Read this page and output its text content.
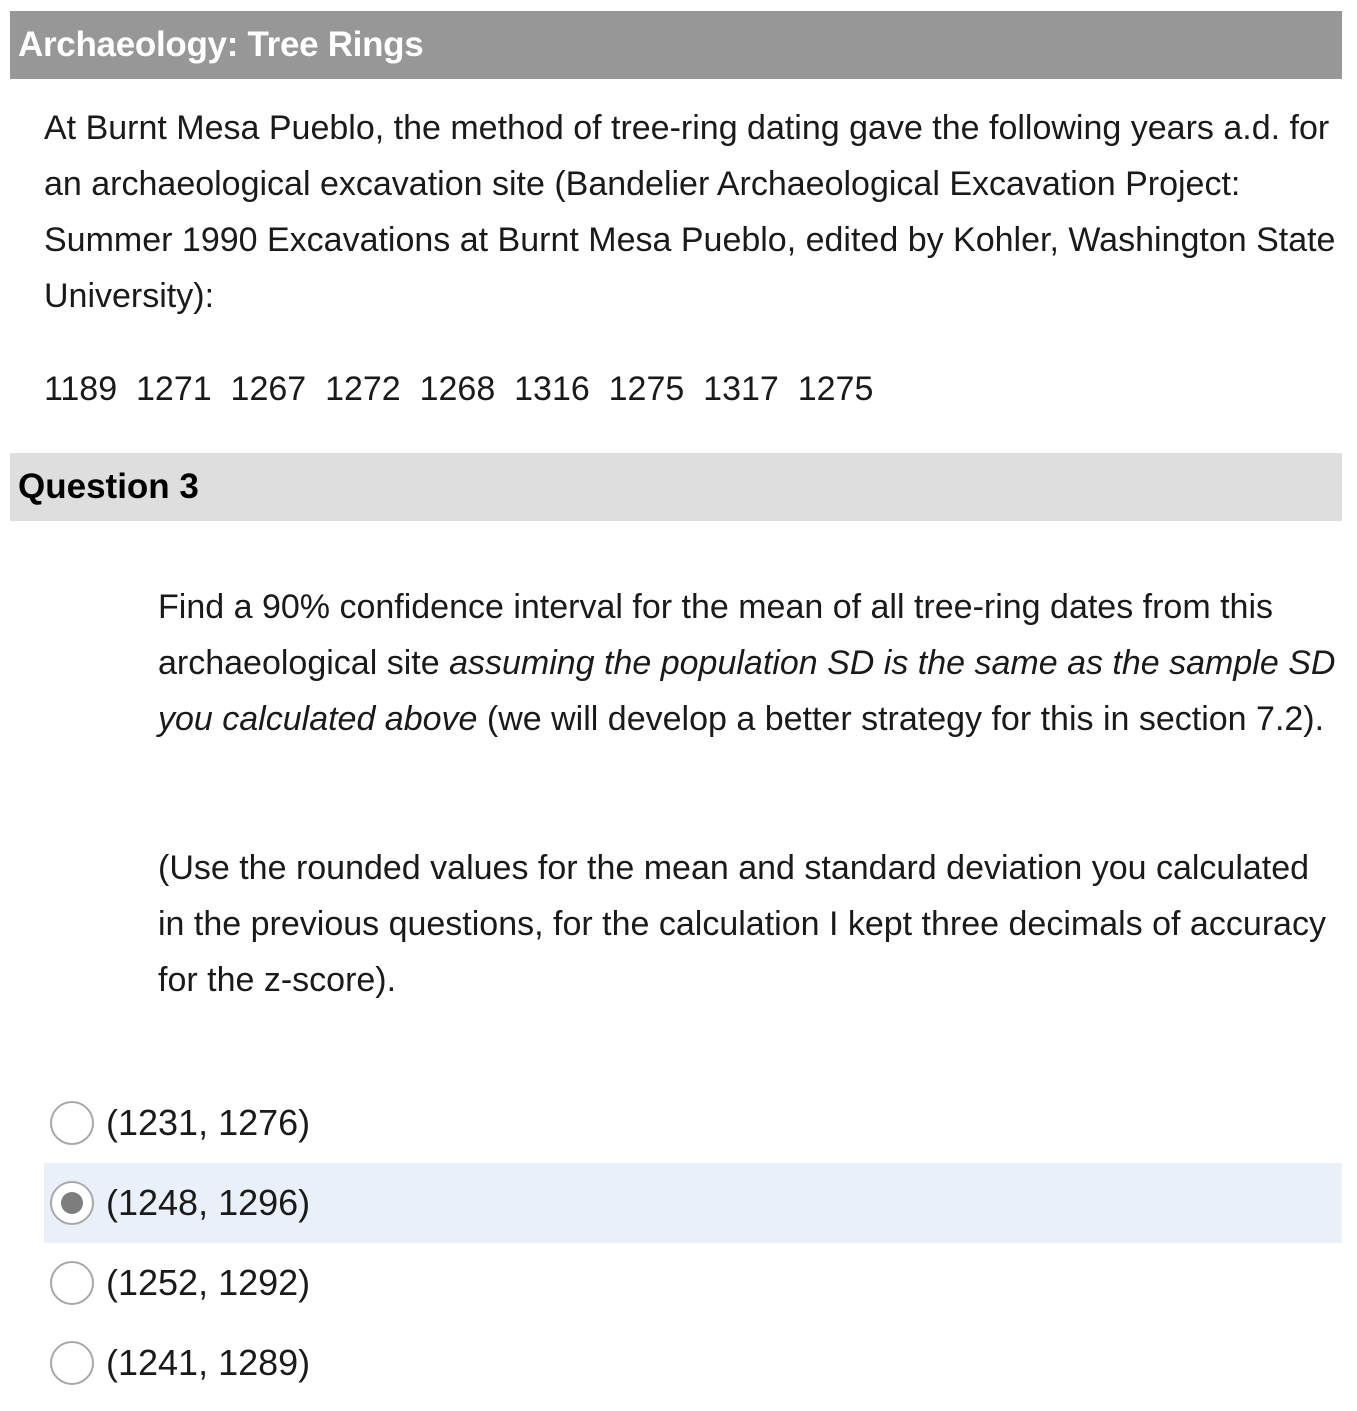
Archaeology: Tree Rings

At Burnt Mesa Pueblo, the method of tree-ring dating gave the following years a.d. for an archaeological excavation site (Bandelier Archaeological Excavation Project: Summer 1990 Excavations at Burnt Mesa Pueblo, edited by Kohler, Washington State University):

1189  1271  1267  1272  1268  1316  1275  1317  1275

Question 3

Find a 90% confidence interval for the mean of all tree-ring dates from this archaeological site assuming the population SD is the same as the sample SD you calculated above (we will develop a better strategy for this in section 7.2).

(Use the rounded values for the mean and standard deviation you calculated in the previous questions, for the calculation I kept three decimals of accuracy for the z-score).

(1231, 1276)
(1248, 1296)
(1252, 1292)
(1241, 1289)
